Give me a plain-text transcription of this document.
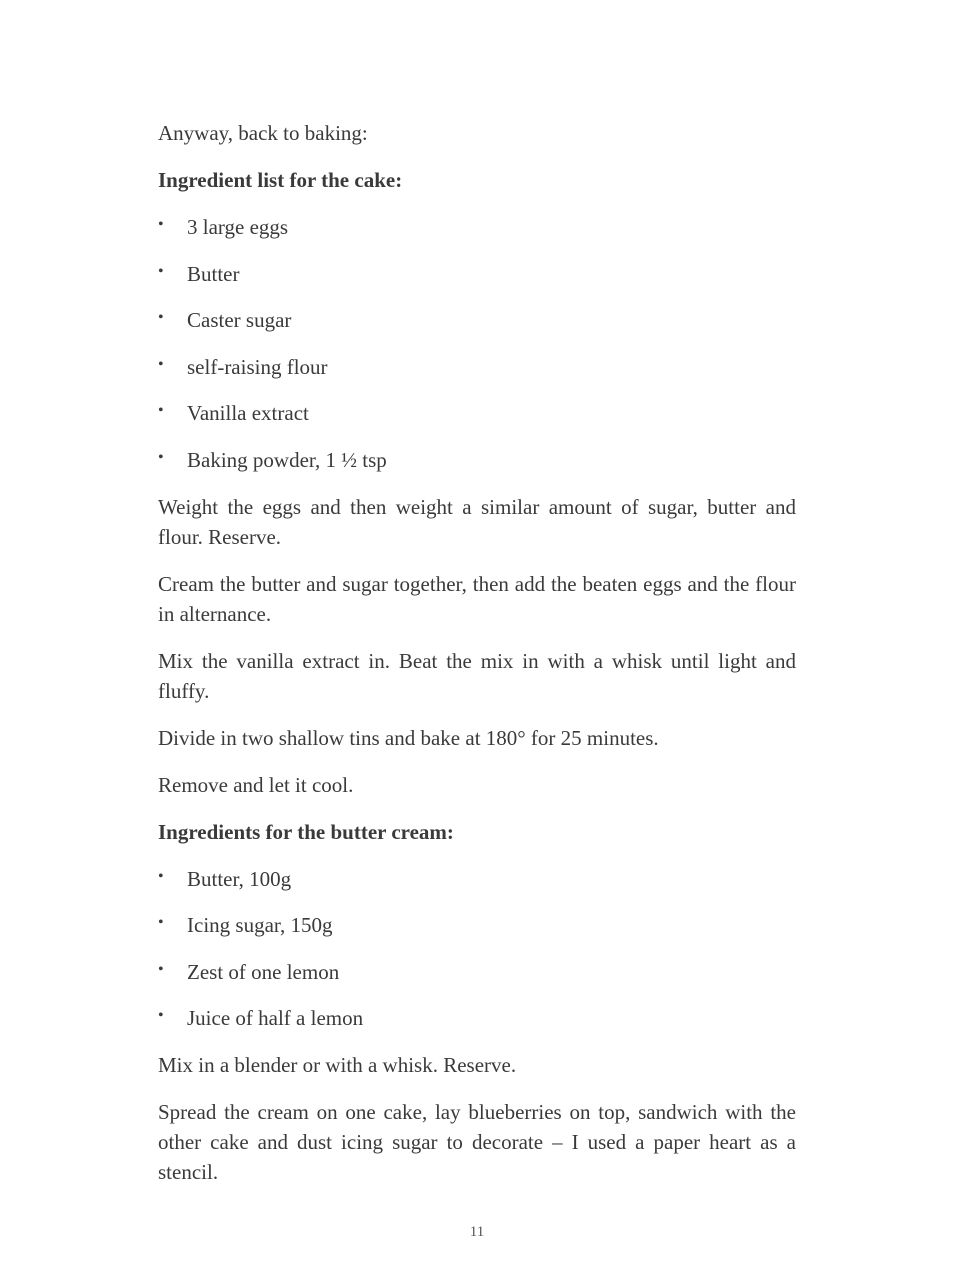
Anyway, back to baking:

Ingredient list for the cake:

• 3 large eggs
• Butter
• Caster sugar
• self-raising flour
• Vanilla extract
• Baking powder, 1 ½ tsp

Weight the eggs and then weight a similar amount of sugar, butter and flour. Reserve.

Cream the butter and sugar together, then add the beaten eggs and the flour in alternance.

Mix the vanilla extract in. Beat the mix in with a whisk until light and fluffy.

Divide in two shallow tins and bake at 180° for 25 minutes.

Remove and let it cool.

Ingredients for the butter cream:

• Butter, 100g
• Icing sugar, 150g
• Zest of one lemon
• Juice of half a lemon

Mix in a blender or with a whisk. Reserve.

Spread the cream on one cake, lay blueberries on top, sandwich with the other cake and dust icing sugar to decorate – I used a paper heart as a stencil.

11
